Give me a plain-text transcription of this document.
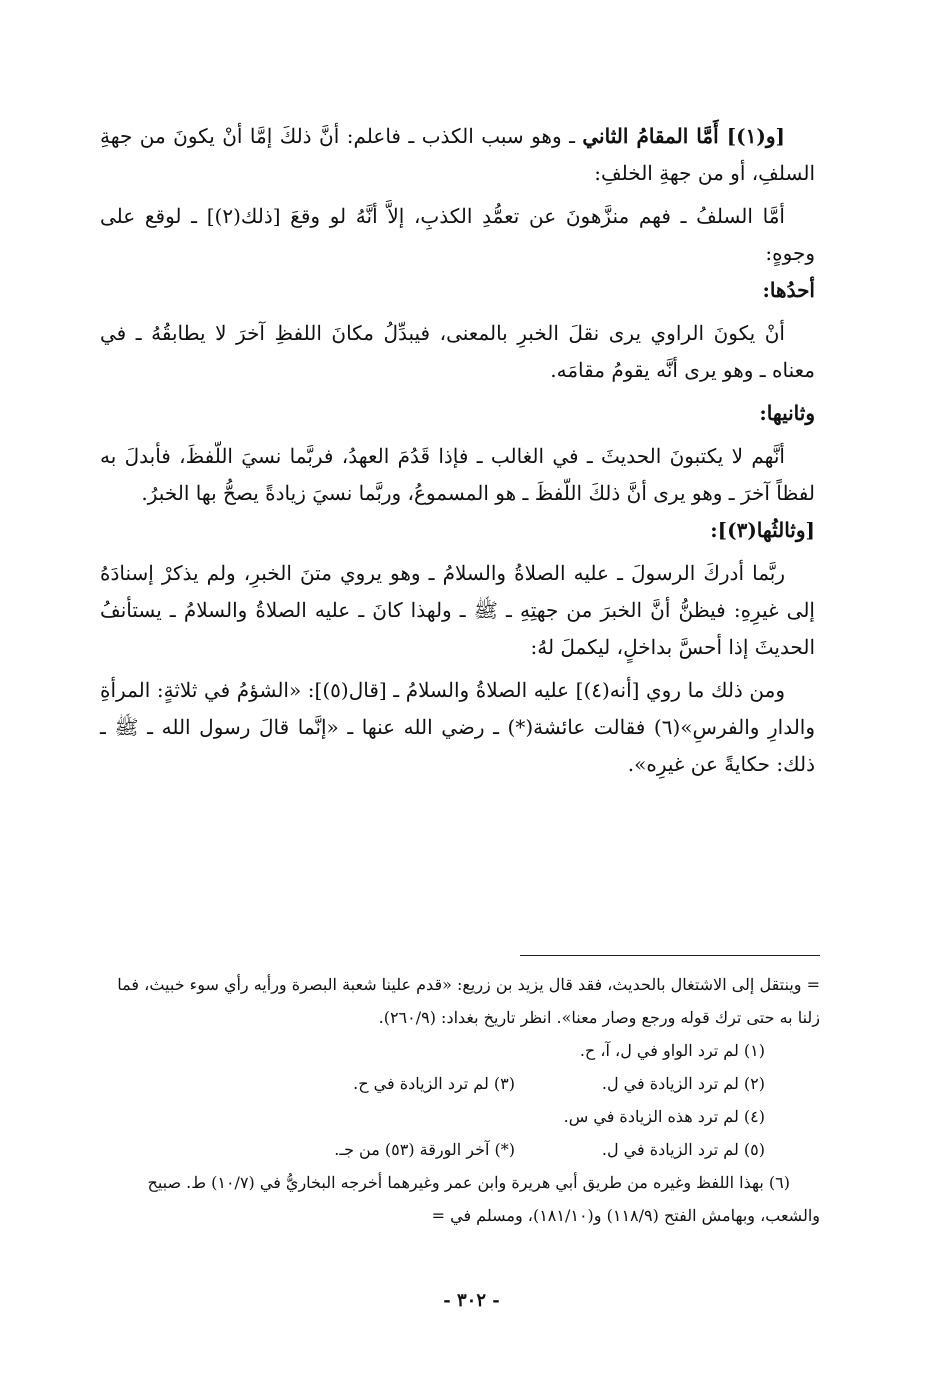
[و(١)] أَمَّا المقامُ الثاني ـ وهو سبب الكذب ـ فاعلم: أنَّ ذلكَ إمَّا أنْ يكونَ من جهةِ السلفِ، أو من جهةِ الخلفِ:

أمَّا السلفُ ـ فهم منزَّهونَ عن تعمُّدِ الكذبِ، إلاَّ أنَّهُ لو وقعَ [ذلك(٢)] ـ لوقع على وجوهٍ:

أحدُها:

أنْ يكونَ الراوي يرى نقلَ الخبرِ بالمعنى، فيبدِّلُ مكانَ اللفظِ آخرَ لا يطابقُهُ ـ في معناه ـ وهو يرى أنَّه يقومُ مقامَه.

وثانيها:

أنَّهم لا يكتبونَ الحديثَ ـ في الغالب ـ فإذا قَدُمَ العهدُ، فربَّما نسيَ اللّفظَ، فأبدلَ به لفظاً آخرَ ـ وهو يرى أنَّ ذلكَ اللّفظَ ـ هو المسموعُ، وربَّما نسيَ زيادةً يصحُّ بها الخبرُ.

[وثالثُها(٣)]:

ربَّما أدركَ الرسولَ ـ عليه الصلاةُ والسلامُ ـ وهو يروي متنَ الخبرِ، ولم يذكرْ إسنادَهُ إلى غيرِهِ: فيظنُّ أنَّ الخبرَ من جهتِهِ ـ ﷺ ـ ولهذا كانَ ـ عليه الصلاةُ والسلامُ ـ يستأنفُ الحديثَ إذا أحسَّ بداخلٍ، ليكملَ لهُ:

ومن ذلك ما روي [أنه(٤)] عليه الصلاةُ والسلامُ ـ [قال(٥)]: «الشؤمُ في ثلاثةٍ: المرأةِ والدارِ والفرسِ»(٦) فقالت عائشة(*) ـ رضي الله عنها ـ «إنَّما قالَ رسول الله ـ ﷺ ـ ذلك: حكايةً عن غيرِه».

= وينتقل إلى الاشتغال بالحديث، فقد قال يزيد بن زريع: «قدم علينا شعبة البصرة ورأيه رأي سوء خبيث، فما زلنا به حتى ترك قوله ورجع وصار معنا». انظر تاريخ بغداد: (٢٦٠/٩).

(١) لم ترد الواو في ل، آ، ح.
(٢) لم ترد الزيادة في ل.
(٣) لم ترد الزيادة في ح.
(٤) لم ترد هذه الزيادة في س.
(٥) لم ترد الزيادة في ل.
(*) آخر الورقة (٥٣) من جـ.

(٦) بهذا اللفظ وغيره من طريق أبي هريرة وابن عمر وغيرهما أخرجه البخاريُّ في (١٠/٧) ط. صبيح والشعب، وبهامش الفتح (١١٨/٩) و(١٨١/١٠)، ومسلم في =

- ٣٠٢ -
